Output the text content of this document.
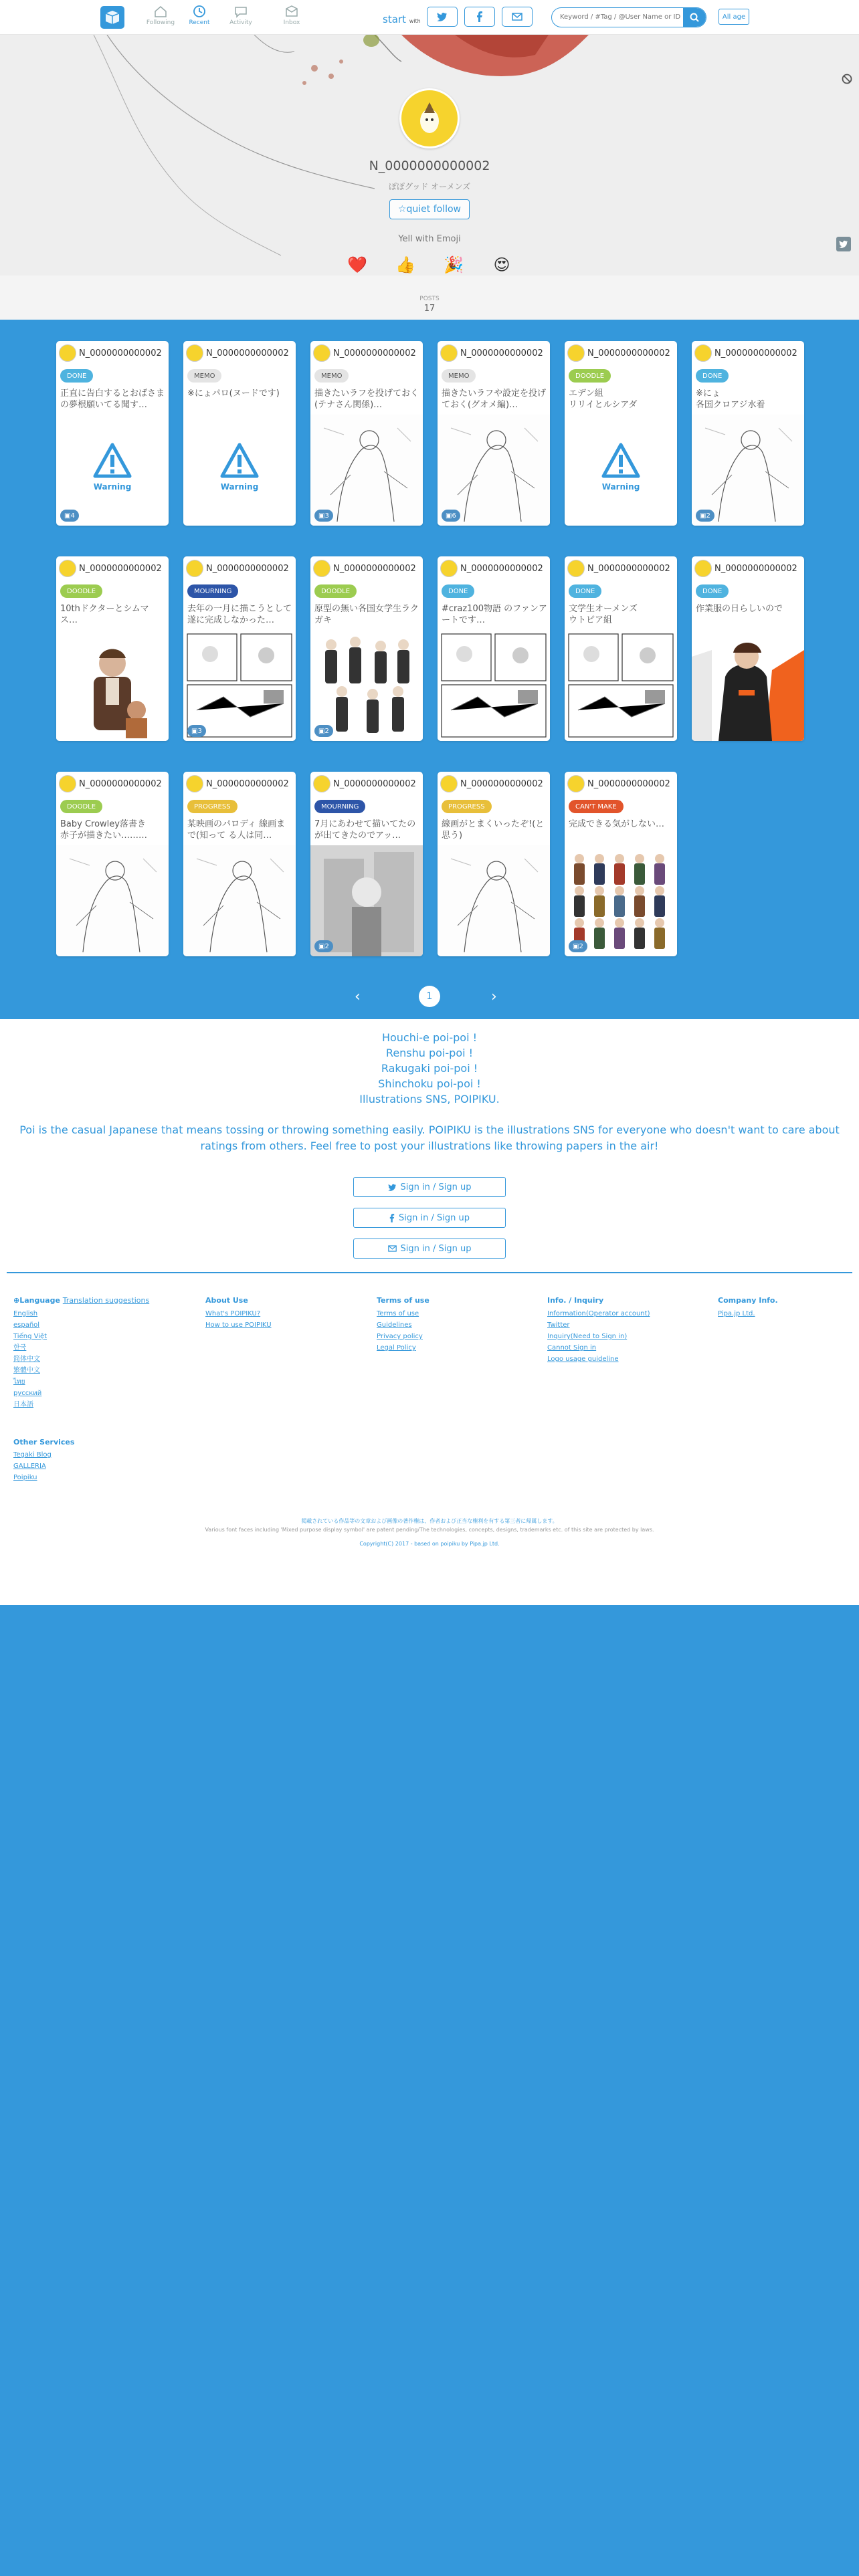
Following	Recent	Activity	Inbox	start with
Keyword / #Tag / @User Name or ID
All age
N_0000000000002
ぽぽグッド オーメンズ
☆quiet follow
Yell with Emoji
❤️ 👍 🎉	😍
POSTS
17
N_0000000000002
DONE
正直に告白するとおばさまの夢根願いてる聞す…
Warning
▣ 4
N_0000000000002
MEMO
※にょパロ(ヌードです)
Warning
N_0000000000002
MEMO
描きたいラフを投げておく(テナさん関係)…
▣ 3
N_0000000000002
MEMO
描きたいラフや設定を投げておく(グオメ編)…
▣ 6
N_0000000000002
DOODLE
エデン組
リリイとルシアダ
Warning
N_0000000000002
DONE
※にょ
各国クロアジ水着
▣ 2
N_0000000000002
DOODLE
10thドクターとシムマス…
N_0000000000002
MOURNING
去年の一月に描こうとして遂に完成しなかった…
▣ 3
N_0000000000002
DOODLE
原型の無い各国女学生ラクガキ
▣ 2
N_0000000000002
DONE
#craz100物語 のファンアートです…
N_0000000000002
DONE
文学生オーメンズ
ウトピア組
N_0000000000002
DONE
作業服の日らしいので
N_0000000000002
DOODLE
Baby Crowley落書き
赤子が描きたい………
N_0000000000002
PROGRESS
某映画のパロディ 線画まで(知って る人は同…
N_0000000000002
MOURNING
7月にあわせて描いてたのが出てきたのでアッ…
▣ 2
N_0000000000002
PROGRESS
線画がとまくいったぞ!(と思う)
N_0000000000002
CAN'T MAKE
完成できる気がしない…
▣ 2
‹	1	›
Houchi-e poi-poi !
Renshu poi-poi !
Rakugaki poi-poi !
Shinchoku poi-poi !
Illustrations SNS, POIPIKU.
Poi is the casual Japanese that means tossing or throwing something easily. POIPIKU is the illustrations SNS for everyone who doesn't want to care about ratings from others. Feel free to post your illustrations like throwing papers in the air!
Sign in / Sign up
Sign in / Sign up
Sign in / Sign up
⊕Language Translation suggestions
English
español
Tiếng Việt
한국
简体中文
繁體中文
ไทย
русский
日本語
About Use
What's POIPIKU?
How to use POIPIKU
Terms of use
Terms of use
Guidelines
Privacy policy
Legal Policy
Info. / Inquiry
Information(Operator account)
Twitter
Inquiry(Need to Sign in)
Cannot Sign in
Logo usage guideline
Company Info.
Pipa.jp Ltd.
Other Services
Tegaki Blog
GALLERIA
Poipiku
掲載されている作品等の文章および画像の著作権は、作者および正当な権利を有する第三者に帰属します。
Various font faces including 'Mixed purpose display symbol' are patent pending/The technologies, concepts, designs, trademarks etc. of this site are protected by laws.
Copyright(C) 2017 - based on poipiku by Pipa.jp Ltd.
